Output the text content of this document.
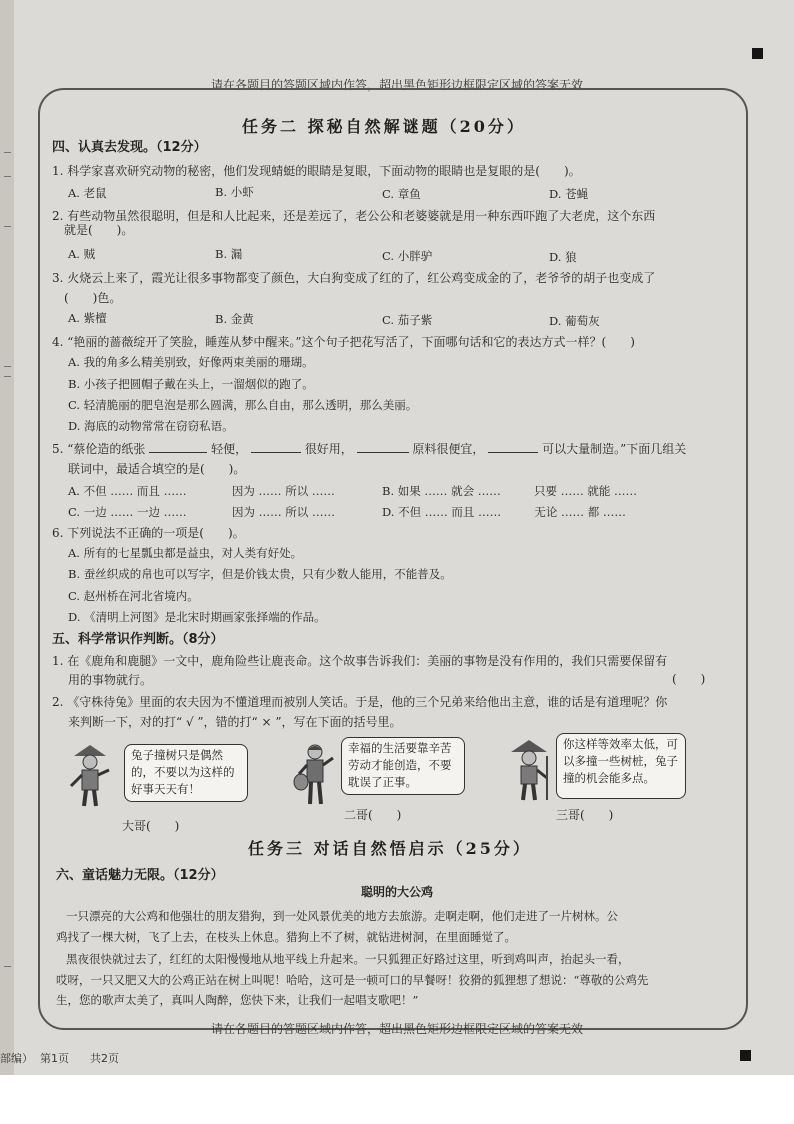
请在各题目的答题区域内作答，超出黑色矩形边框限定区域的答案无效
请在各题目的答题区域内作答，超出黑色矩形边框限定区域的答案无效
任务二 探秘自然解谜题（20分）
四、认真去发现。（12分）
1. 科学家喜欢研究动物的秘密，他们发现蜻蜓的眼睛是复眼，下面动物的眼睛也是复眼的是(　　)。
A. 老鼠	B. 小虾	C. 章鱼	D. 苍蝇
2. 有些动物虽然很聪明，但是和人比起来，还是差远了，老公公和老婆婆就是用一种东西吓跑了大老虎，这个东西
就是(　　)。
A. 贼	B. 漏	C. 小胖驴	D. 狼
3. 火烧云上来了，霞光让很多事物都变了颜色，大白狗变成了红的了，红公鸡变成金的了，老爷爷的胡子也变成了
(　　)色。
A. 紫檀	B. 金黄	C. 茄子紫	D. 葡萄灰
4. “艳丽的蔷薇绽开了笑脸，睡莲从梦中醒来。”这个句子把花写活了，下面哪句话和它的表达方式一样？(　　)
A. 我的角多么精美别致，好像两束美丽的珊瑚。
B. 小孩子把圆帽子戴在头上，一溜烟似的跑了。
C. 轻清脆丽的肥皂泡是那么圆满，那么自由，那么透明，那么美丽。
D. 海底的动物常常在窃窃私语。
5. “蔡伦造的纸张	轻便，	很好用，	原料很便宜，	可以大量制造。”下面几组关
联词中，最适合填空的是(　　)。
A. 不但 …… 而且 ……	因为 …… 所以 ……	B. 如果 …… 就会 ……	只要 …… 就能 ……
C. 一边 …… 一边 ……	因为 …… 所以 ……	D. 不但 …… 而且 ……	无论 …… 都 ……
6. 下列说法不正确的一项是(　　)。
A. 所有的七星瓢虫都是益虫，对人类有好处。
B. 蚕丝织成的帛也可以写字，但是价钱太贵，只有少数人能用，不能普及。
C. 赵州桥在河北省境内。
D. 《清明上河图》是北宋时期画家张择端的作品。
五、科学常识作判断。（8分）
1. 在《鹿角和鹿腿》一文中，鹿角险些让鹿丧命。这个故事告诉我们：美丽的事物是没有作用的，我们只需要保留有
用的事物就行。	(　　)
2. 《守株待兔》里面的农夫因为不懂道理而被别人笑话。于是，他的三个兄弟来给他出主意，谁的话是有道理呢？你
来判断一下，对的打“ √ ”，错的打“ × ”，写在下面的括号里。
兔子撞树只是偶然的，不要以为这样的好事天天有！
大哥(　　)
幸福的生活要靠辛苦劳动才能创造，不要耽误了正事。
二哥(　　)
你这样等效率太低，可以多撞一些树桩，兔子撞的机会能多点。
三哥(　　)
任务三 对话自然悟启示（25分）
六、童话魅力无限。（12分）
聪明的大公鸡
一只漂亮的大公鸡和他强壮的朋友猎狗，到一处风景优美的地方去旅游。走啊走啊，他们走进了一片树林。公
鸡找了一棵大树，飞了上去，在枝头上休息。猎狗上不了树，就钻进树洞，在里面睡觉了。
黑夜很快就过去了，红红的太阳慢慢地从地平线上升起来。一只狐狸正好路过这里，听到鸡叫声，抬起头一看，
哎呀，一只又肥又大的公鸡正站在树上叫呢！哈哈，这可是一顿可口的早餐呀！狡猾的狐狸想了想说：“尊敬的公鸡先
生，您的歌声太美了，真叫人陶醉，您快下来，让我们一起唱支歌吧！”
部编） 第1页 共2页
